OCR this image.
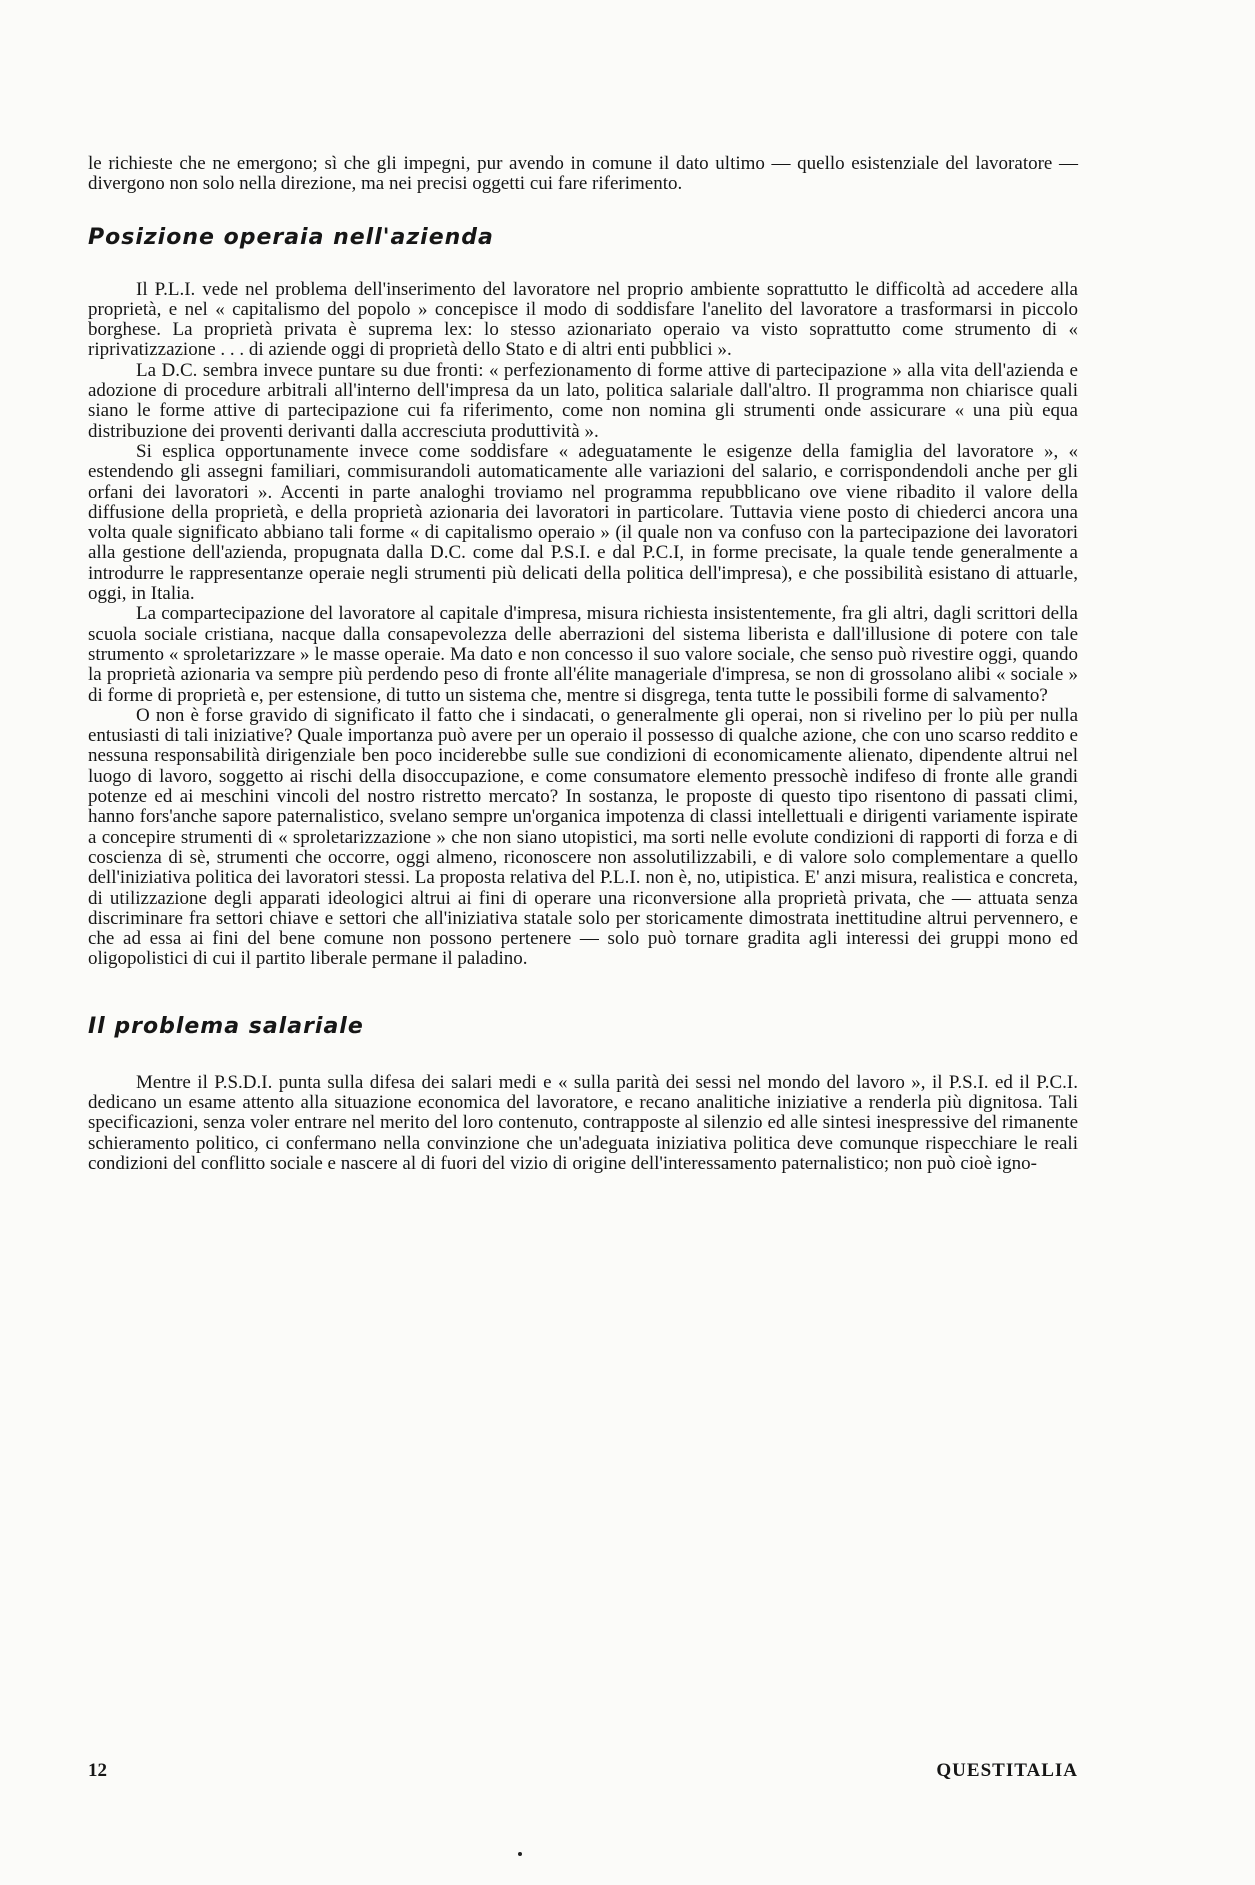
le richieste che ne emergono; sì che gli impegni, pur avendo in comune il dato ultimo — quello esistenziale del lavoratore — divergono non solo nella direzione, ma nei precisi oggetti cui fare riferimento.

Posizione operaia nell'azienda

Il P.L.I. vede nel problema dell'inserimento del lavoratore nel proprio ambiente soprattutto le difficoltà ad accedere alla proprietà, e nel « capitalismo del popolo » concepisce il modo di soddisfare l'anelito del lavoratore a trasformarsi in piccolo borghese. La proprietà privata è suprema lex: lo stesso azionariato operaio va visto soprattutto come strumento di « riprivatizzazione . . . di aziende oggi di proprietà dello Stato e di altri enti pubblici ».

La D.C. sembra invece puntare su due fronti: « perfezionamento di forme attive di partecipazione » alla vita dell'azienda e adozione di procedure arbitrali all'interno dell'impresa da un lato, politica salariale dall'altro. Il programma non chiarisce quali siano le forme attive di partecipazione cui fa riferimento, come non nomina gli strumenti onde assicurare « una più equa distribuzione dei proventi derivanti dalla accresciuta produttività ».

Si esplica opportunamente invece come soddisfare « adeguatamente le esigenze della famiglia del lavoratore », « estendendo gli assegni familiari, commisurandoli automaticamente alle variazioni del salario, e corrispondendoli anche per gli orfani dei lavoratori ». Accenti in parte analoghi troviamo nel programma repubblicano ove viene ribadito il valore della diffusione della proprietà, e della proprietà azionaria dei lavoratori in particolare. Tuttavia viene posto di chiederci ancora una volta quale significato abbiano tali forme « di capitalismo operaio » (il quale non va confuso con la partecipazione dei lavoratori alla gestione dell'azienda, propugnata dalla D.C. come dal P.S.I. e dal P.C.I, in forme precisate, la quale tende generalmente a introdurre le rappresentanze operaie negli strumenti più delicati della politica dell'impresa), e che possibilità esistano di attuarle, oggi, in Italia.

La compartecipazione del lavoratore al capitale d'impresa, misura richiesta insistentemente, fra gli altri, dagli scrittori della scuola sociale cristiana, nacque dalla consapevolezza delle aberrazioni del sistema liberista e dall'illusione di potere con tale strumento « sproletarizzare » le masse operaie. Ma dato e non concesso il suo valore sociale, che senso può rivestire oggi, quando la proprietà azionaria va sempre più perdendo peso di fronte all'élite manageriale d'impresa, se non di grossolano alibi « sociale » di forme di proprietà e, per estensione, di tutto un sistema che, mentre si disgrega, tenta tutte le possibili forme di salvamento?

O non è forse gravido di significato il fatto che i sindacati, o generalmente gli operai, non si rivelino per lo più per nulla entusiasti di tali iniziative? Quale importanza può avere per un operaio il possesso di qualche azione, che con uno scarso reddito e nessuna responsabilità dirigenziale ben poco inciderebbe sulle sue condizioni di economicamente alienato, dipendente altrui nel luogo di lavoro, soggetto ai rischi della disoccupazione, e come consumatore elemento pressochè indifeso di fronte alle grandi potenze ed ai meschini vincoli del nostro ristretto mercato? In sostanza, le proposte di questo tipo risentono di passati climi, hanno fors'anche sapore paternalistico, svelano sempre un'organica impotenza di classi intellettuali e dirigenti variamente ispirate a concepire strumenti di « sproletarizzazione » che non siano utopistici, ma sorti nelle evolute condizioni di rapporti di forza e di coscienza di sè, strumenti che occorre, oggi almeno, riconoscere non assolutilizzabili, e di valore solo complementare a quello dell'iniziativa politica dei lavoratori stessi. La proposta relativa del P.L.I. non è, no, utipistica. E' anzi misura, realistica e concreta, di utilizzazione degli apparati ideologici altrui ai fini di operare una riconversione alla proprietà privata, che — attuata senza discriminare fra settori chiave e settori che all'iniziativa statale solo per storicamente dimostrata inettitudine altrui pervennero, e che ad essa ai fini del bene comune non possono pertenere — solo può tornare gradita agli interessi dei gruppi mono ed oligopolistici di cui il partito liberale permane il paladino.

Il problema salariale

Mentre il P.S.D.I. punta sulla difesa dei salari medi e « sulla parità dei sessi nel mondo del lavoro », il P.S.I. ed il P.C.I. dedicano un esame attento alla situazione economica del lavoratore, e recano analitiche iniziative a renderla più dignitosa. Tali specificazioni, senza voler entrare nel merito del loro contenuto, contrapposte al silenzio ed alle sintesi inespressive del rimanente schieramento politico, ci confermano nella convinzione che un'adeguata iniziativa politica deve comunque rispecchiare le reali condizioni del conflitto sociale e nascere al di fuori del vizio di origine dell'interessamento paternalistico; non può cioè igno-

12	QUESTITALIA
